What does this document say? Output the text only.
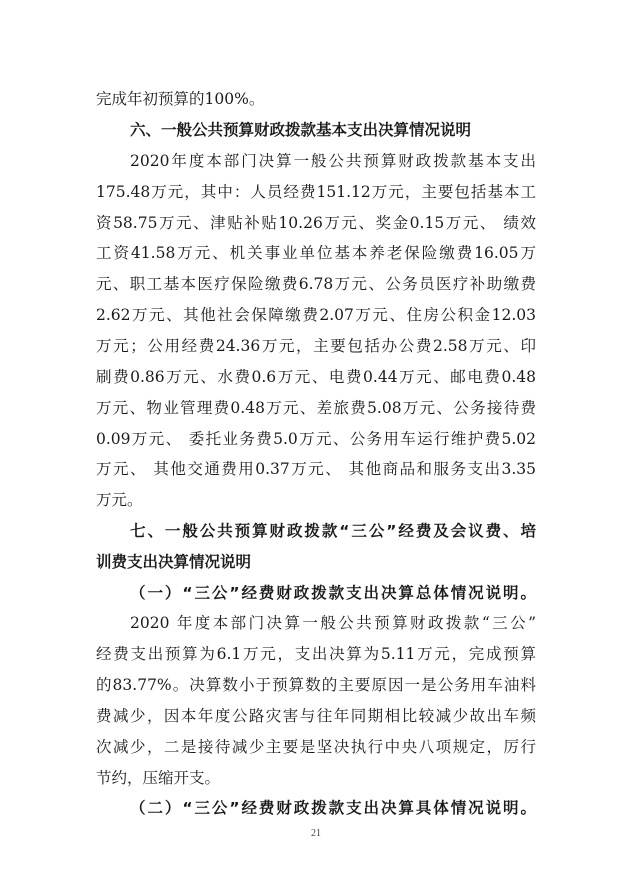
完成年初预算的100%。
六、一般公共预算财政拨款基本支出决算情况说明
2020年度本部门决算一般公共预算财政拨款基本支出
175.48万元，其中：人员经费151.12万元，主要包括基本工
资58.75万元、津贴补贴10.26万元、奖金0.15万元、 绩效
工资41.58万元、机关事业单位基本养老保险缴费16.05万
元、职工基本医疗保险缴费6.78万元、公务员医疗补助缴费
2.62万元、其他社会保障缴费2.07万元、住房公积金12.03
万元；公用经费24.36万元，主要包括办公费2.58万元、印
刷费0.86万元、水费0.6万元、电费0.44万元、邮电费0.48
万元、物业管理费0.48万元、差旅费5.08万元、公务接待费
0.09万元、 委托业务费5.0万元、公务用车运行维护费5.02
万元、 其他交通费用0.37万元、 其他商品和服务支出3.35
万元。
七、一般公共预算财政拨款“三公”经费及会议费、培
训费支出决算情况说明
（一）“三公”经费财政拨款支出决算总体情况说明。
2020 年度本部门决算一般公共预算财政拨款“三公”
经费支出预算为6.1万元，支出决算为5.11万元，完成预算
的83.77%。决算数小于预算数的主要原因一是公务用车油料
费减少，因本年度公路灾害与往年同期相比较减少故出车频
次减少，二是接待减少主要是坚决执行中央八项规定，厉行
节约，压缩开支。
（二）“三公”经费财政拨款支出决算具体情况说明。
21
